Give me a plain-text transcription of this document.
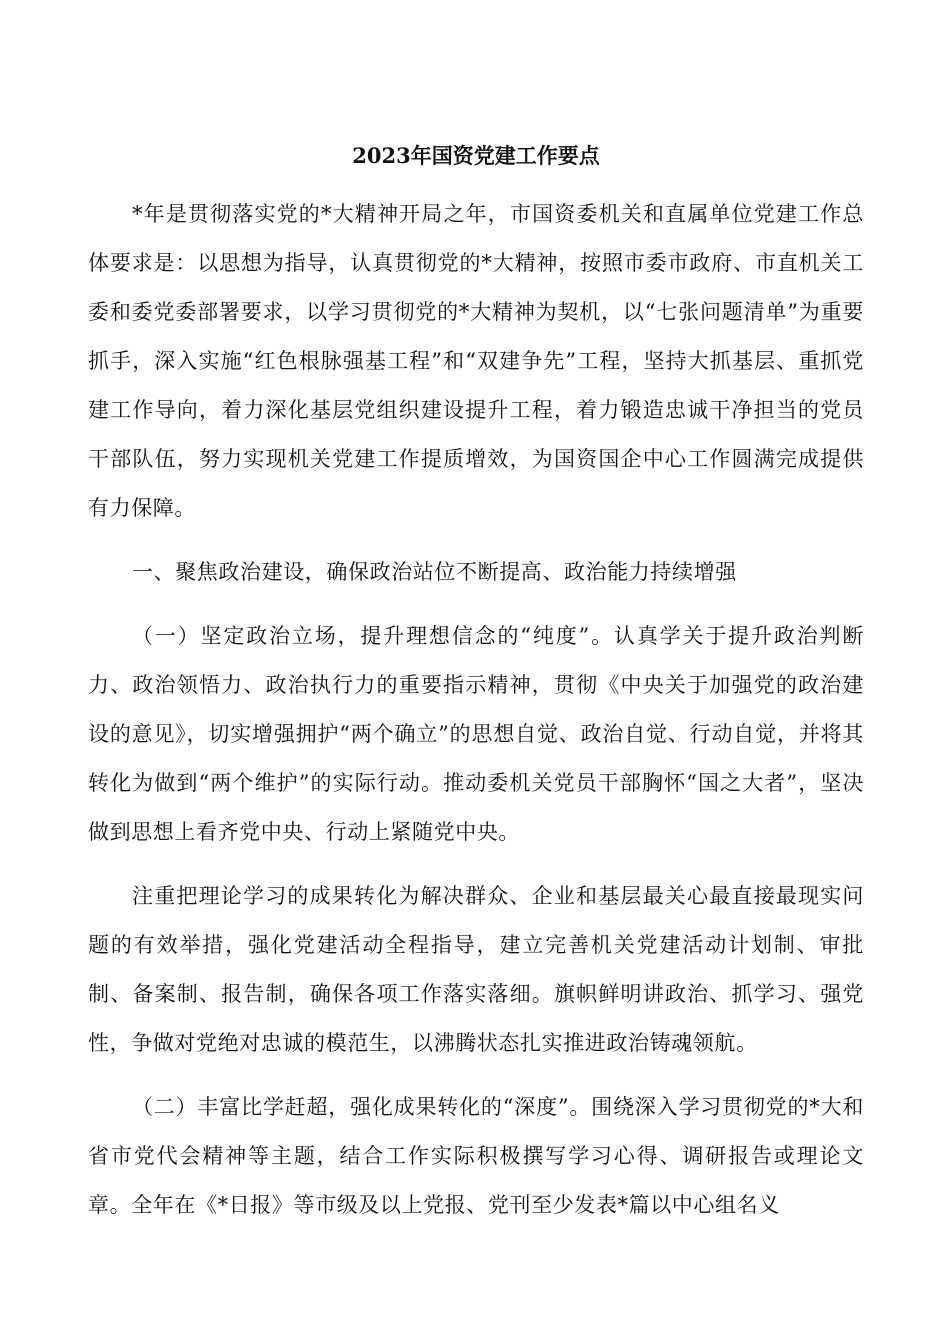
2023年国资党建工作要点

*年是贯彻落实党的*大精神开局之年，市国资委机关和直属单位党建工作总体要求是：以思想为指导，认真贯彻党的*大精神，按照市委市政府、市直机关工委和委党委部署要求，以学习贯彻党的*大精神为契机，以“七张问题清单”为重要抓手，深入实施“红色根脉强基工程”和“双建争先”工程，坚持大抓基层、重抓党建工作导向，着力深化基层党组织建设提升工程，着力锻造忠诚干净担当的党员干部队伍，努力实现机关党建工作提质增效，为国资国企中心工作圆满完成提供有力保障。

一、聚焦政治建设，确保政治站位不断提高、政治能力持续增强

（一）坚定政治立场，提升理想信念的“纯度”。认真学关于提升政治判断力、政治领悟力、政治执行力的重要指示精神，贯彻《中央关于加强党的政治建设的意见》，切实增强拥护“两个确立”的思想自觉、政治自觉、行动自觉，并将其转化为做到“两个维护”的实际行动。推动委机关党员干部胸怀“国之大者”，坚决做到思想上看齐党中央、行动上紧随党中央。

注重把理论学习的成果转化为解决群众、企业和基层最关心最直接最现实问题的有效举措，强化党建活动全程指导，建立完善机关党建活动计划制、审批制、备案制、报告制，确保各项工作落实落细。旗帜鲜明讲政治、抓学习、强党性，争做对党绝对忠诚的模范生，以沸腾状态扎实推进政治铸魂领航。

（二）丰富比学赶超，强化成果转化的“深度”。围绕深入学习贯彻党的*大和省市党代会精神等主题，结合工作实际积极撰写学习心得、调研报告或理论文章。全年在《*日报》等市级及以上党报、党刊至少发表*篇以中心组名义
